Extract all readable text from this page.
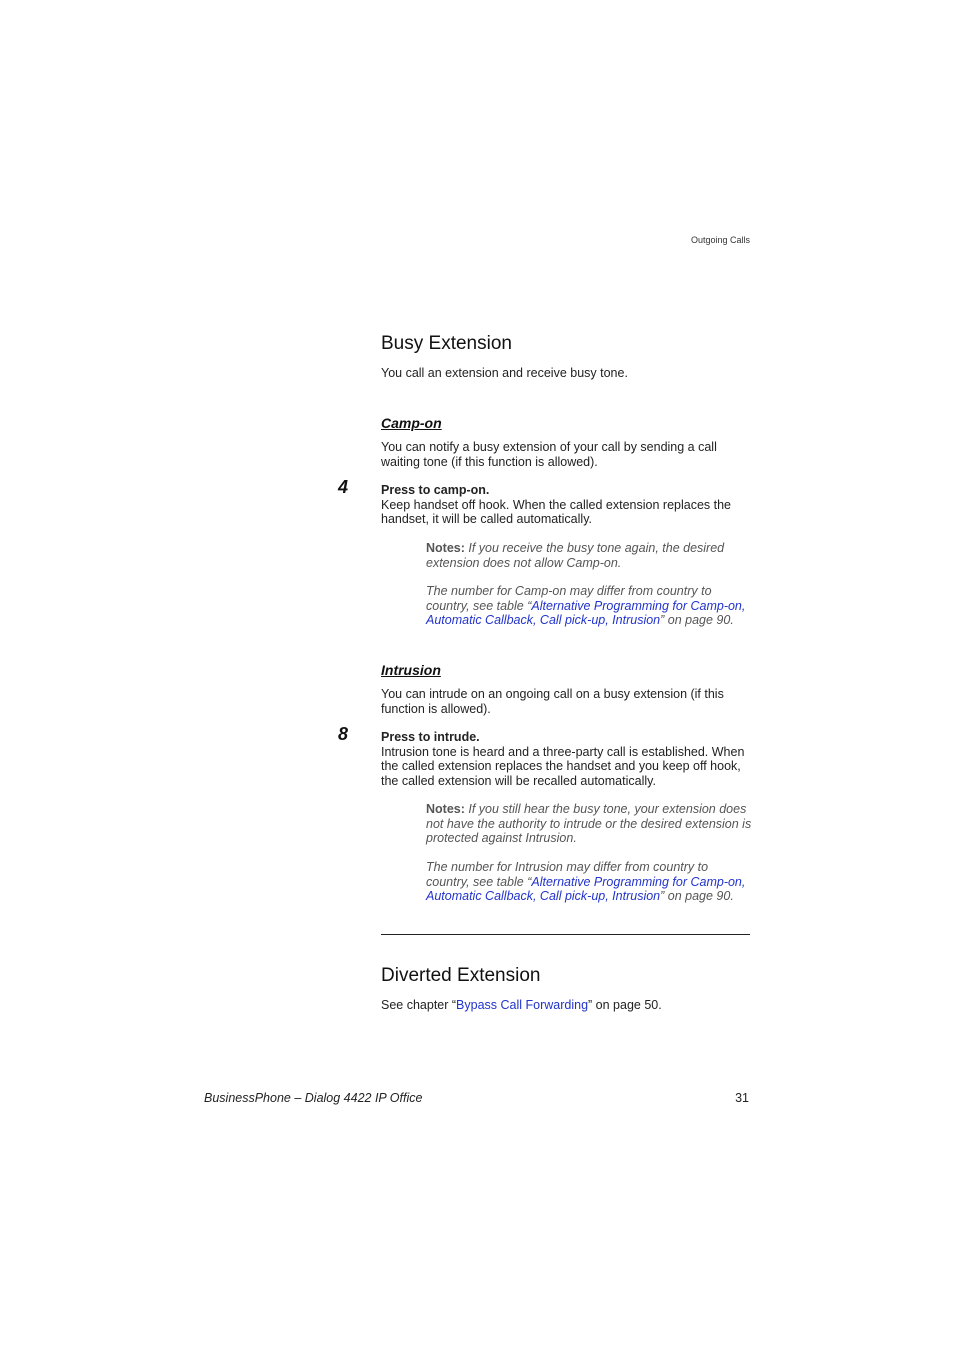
Outgoing Calls
Busy Extension

You call an extension and receive busy tone.

Camp-on

You can notify a busy extension of your call by sending a call waiting tone (if this function is allowed).

4	Press to camp-on.
Keep handset off hook. When the called extension replaces the handset, it will be called automatically.

Notes: If you receive the busy tone again, the desired extension does not allow Camp-on.

The number for Camp-on may differ from country to country, see table “Alternative Programming for Camp-on, Automatic Callback, Call pick-up, Intrusion” on page 90.

Intrusion

You can intrude on an ongoing call on a busy extension (if this function is allowed).

8	Press to intrude.
Intrusion tone is heard and a three-party call is established. When the called extension replaces the handset and you keep off hook, the called extension will be recalled automatically.

Notes: If you still hear the busy tone, your extension does not have the authority to intrude or the desired extension is protected against Intrusion.

The number for Intrusion may differ from country to country, see table “Alternative Programming for Camp-on, Automatic Callback, Call pick-up, Intrusion” on page 90.

Diverted Extension

See chapter “Bypass Call Forwarding” on page 50.

BusinessPhone – Dialog 4422 IP Office	31
